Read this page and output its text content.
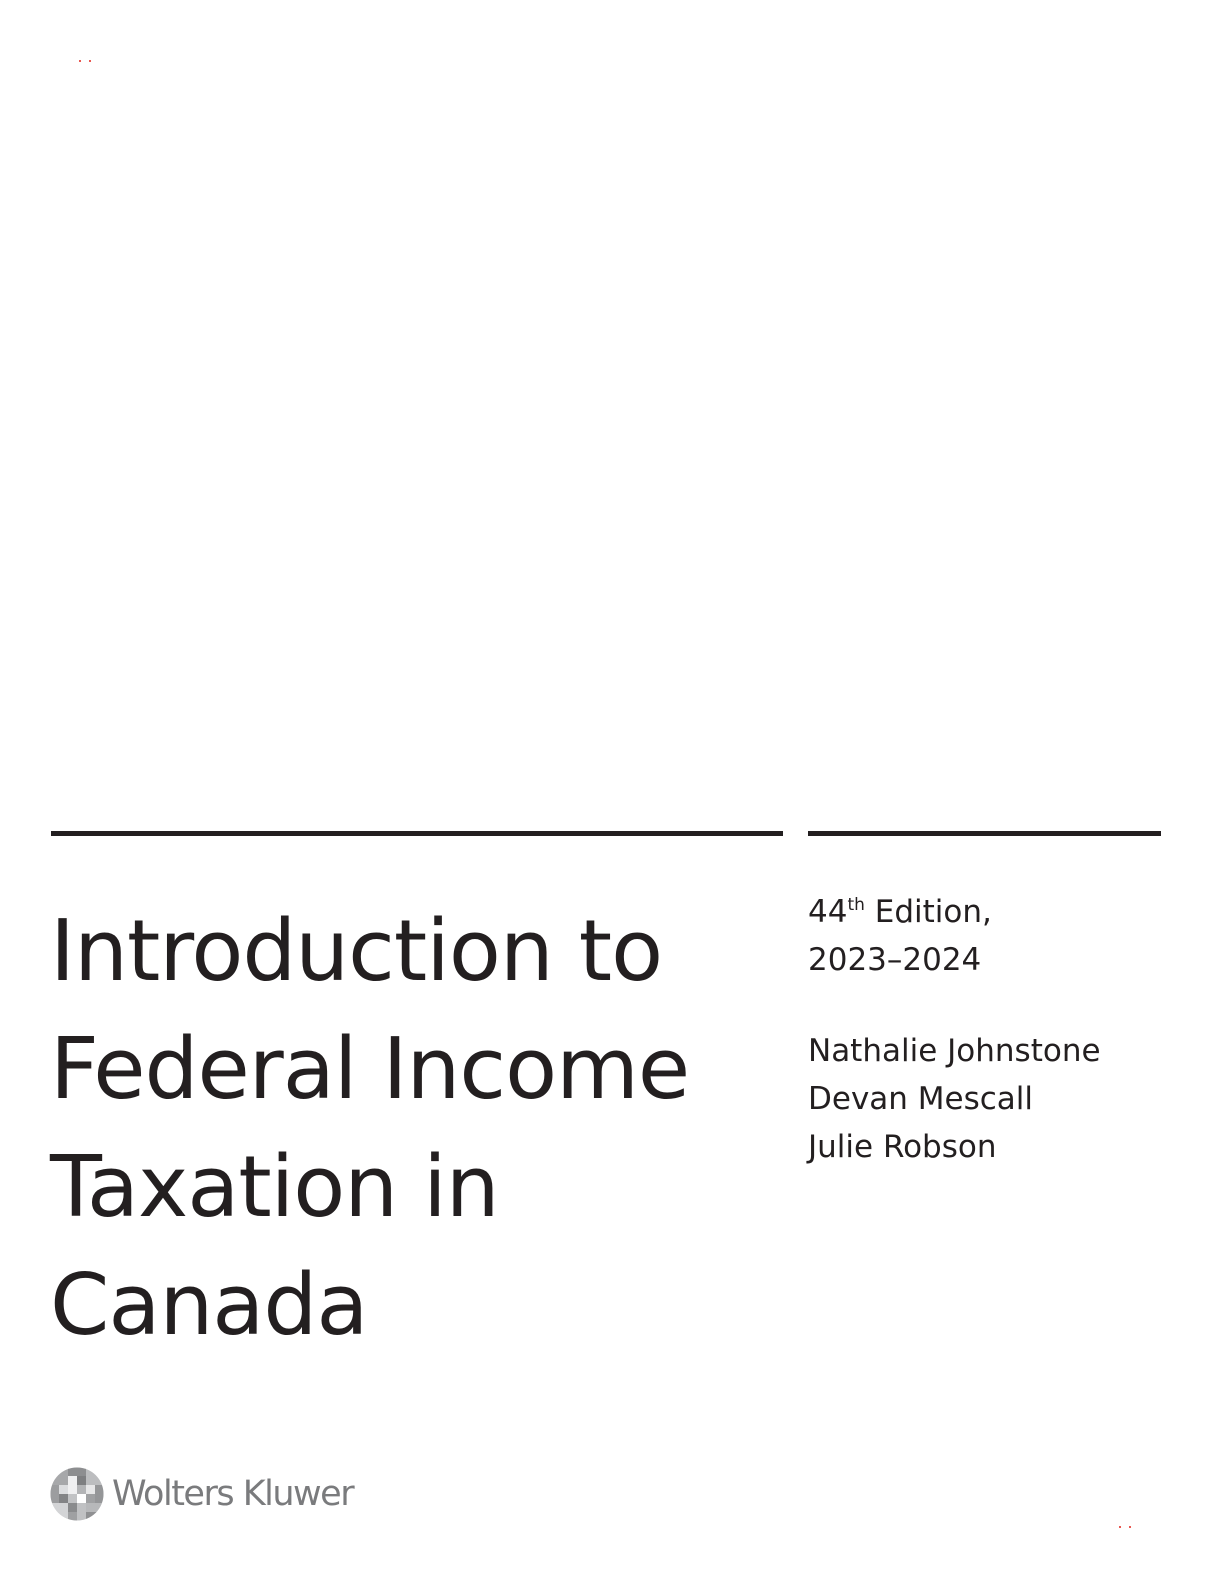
Introduction to
Federal Income
Taxation in
Canada
44th Edition,
2023–2024
Nathalie Johnstone
Devan Mescall
Julie Robson
Wolters Kluwer
